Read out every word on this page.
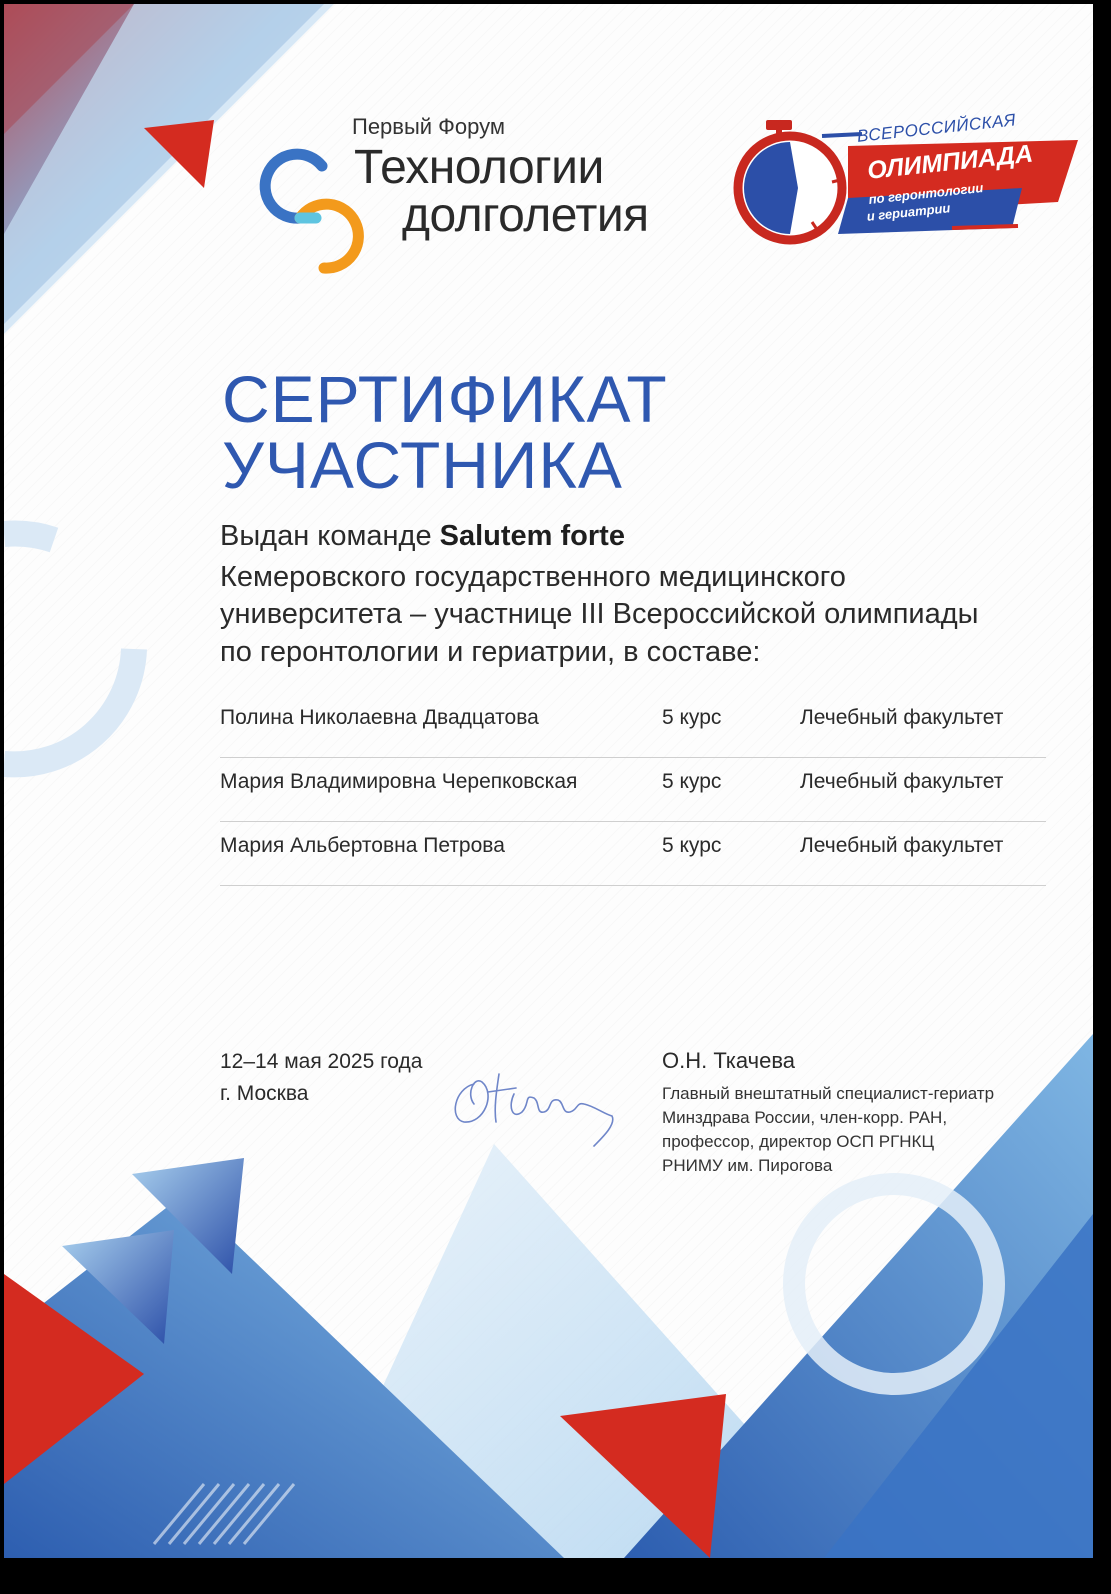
Первый Форум
Технологии
долголетия
ВСЕРОССИЙСКАЯ
ОЛИМПИАДА
по геронтологии
и гериатрии
СЕРТИФИКАТ
УЧАСТНИКА
Выдан команде Salutem forte
Кемеровского государственного медицинского
университета – участнице III Всероссийской олимпиады
по геронтологии и гериатрии, в составе:
Полина Николаевна Двадцатова	5 курс	Лечебный факультет
Мария Владимировна Черепковская	5 курс	Лечебный факультет
Мария Альбертовна Петрова	5 курс	Лечебный факультет
12–14 мая 2025 года
г. Москва
О.Н. Ткачева
Главный внештатный специалист-гериатр
Минздрава России, член-корр. РАН,
профессор, директор ОСП РГНКЦ
РНИМУ им. Пирогова
